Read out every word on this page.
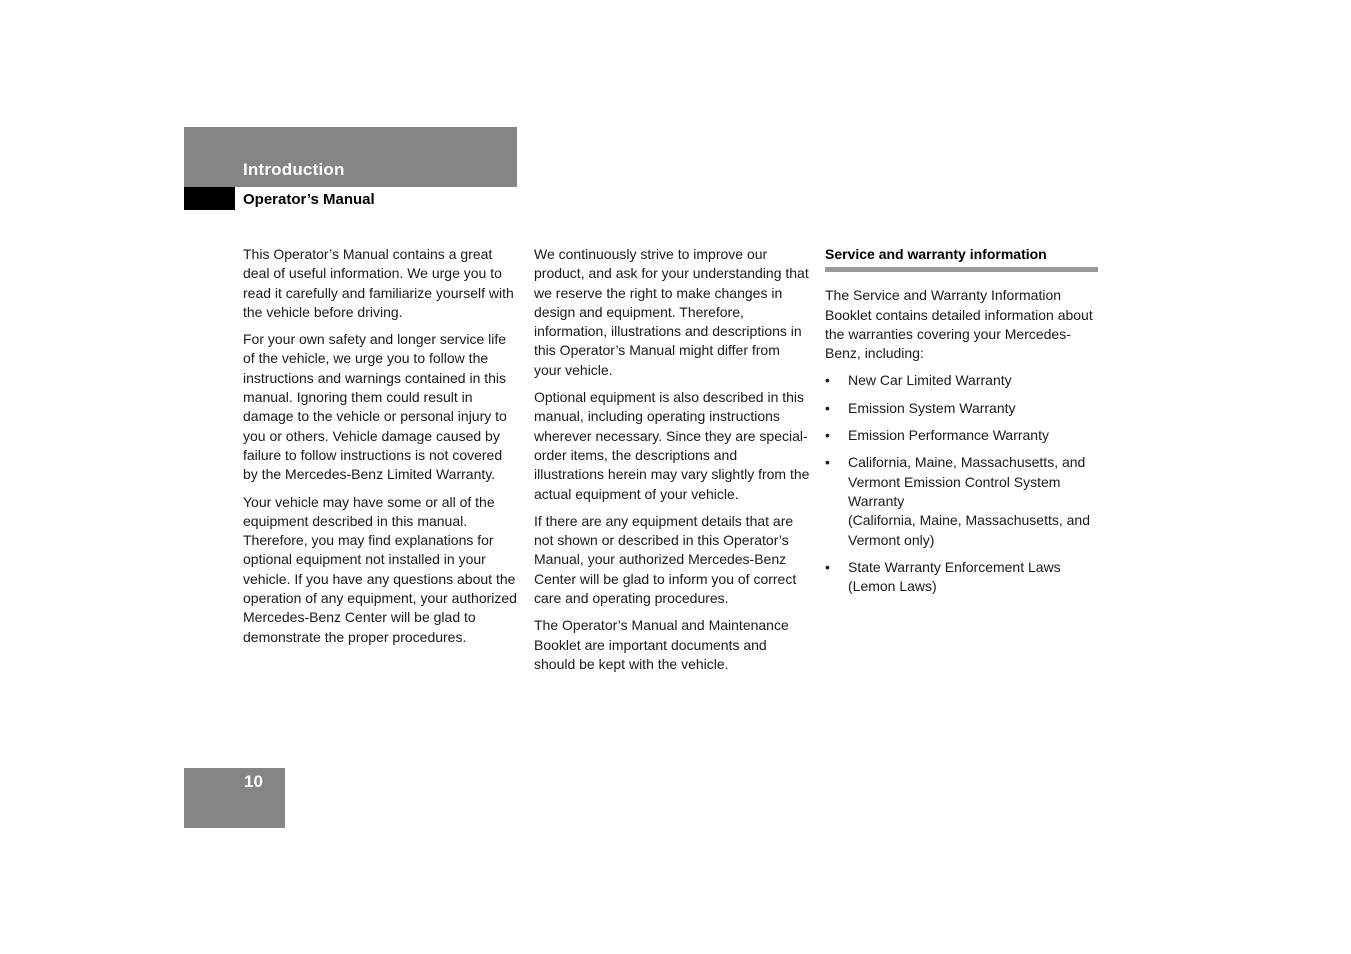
Introduction
Operator’s Manual

This Operator’s Manual contains a great deal of useful information. We urge you to read it carefully and familiarize yourself with the vehicle before driving.

For your own safety and longer service life of the vehicle, we urge you to follow the instructions and warnings contained in this manual. Ignoring them could result in damage to the vehicle or personal injury to you or others. Vehicle damage caused by failure to follow instructions is not covered by the Mercedes-Benz Limited Warranty.

Your vehicle may have some or all of the equipment described in this manual. Therefore, you may find explanations for optional equipment not installed in your vehicle. If you have any questions about the operation of any equipment, your authorized Mercedes-Benz Center will be glad to demonstrate the proper procedures.

We continuously strive to improve our product, and ask for your understanding that we reserve the right to make changes in design and equipment. Therefore, information, illustrations and descriptions in this Operator’s Manual might differ from your vehicle.

Optional equipment is also described in this manual, including operating instructions wherever necessary. Since they are special-order items, the descriptions and illustrations herein may vary slightly from the actual equipment of your vehicle.

If there are any equipment details that are not shown or described in this Operator’s Manual, your authorized Mercedes-Benz Center will be glad to inform you of correct care and operating procedures.

The Operator’s Manual and Maintenance Booklet are important documents and should be kept with the vehicle.

Service and warranty information

The Service and Warranty Information Booklet contains detailed information about the warranties covering your Mercedes-Benz, including:

• New Car Limited Warranty
• Emission System Warranty
• Emission Performance Warranty
• California, Maine, Massachusetts, and Vermont Emission Control System Warranty
(California, Maine, Massachusetts, and Vermont only)
• State Warranty Enforcement Laws (Lemon Laws)
10
